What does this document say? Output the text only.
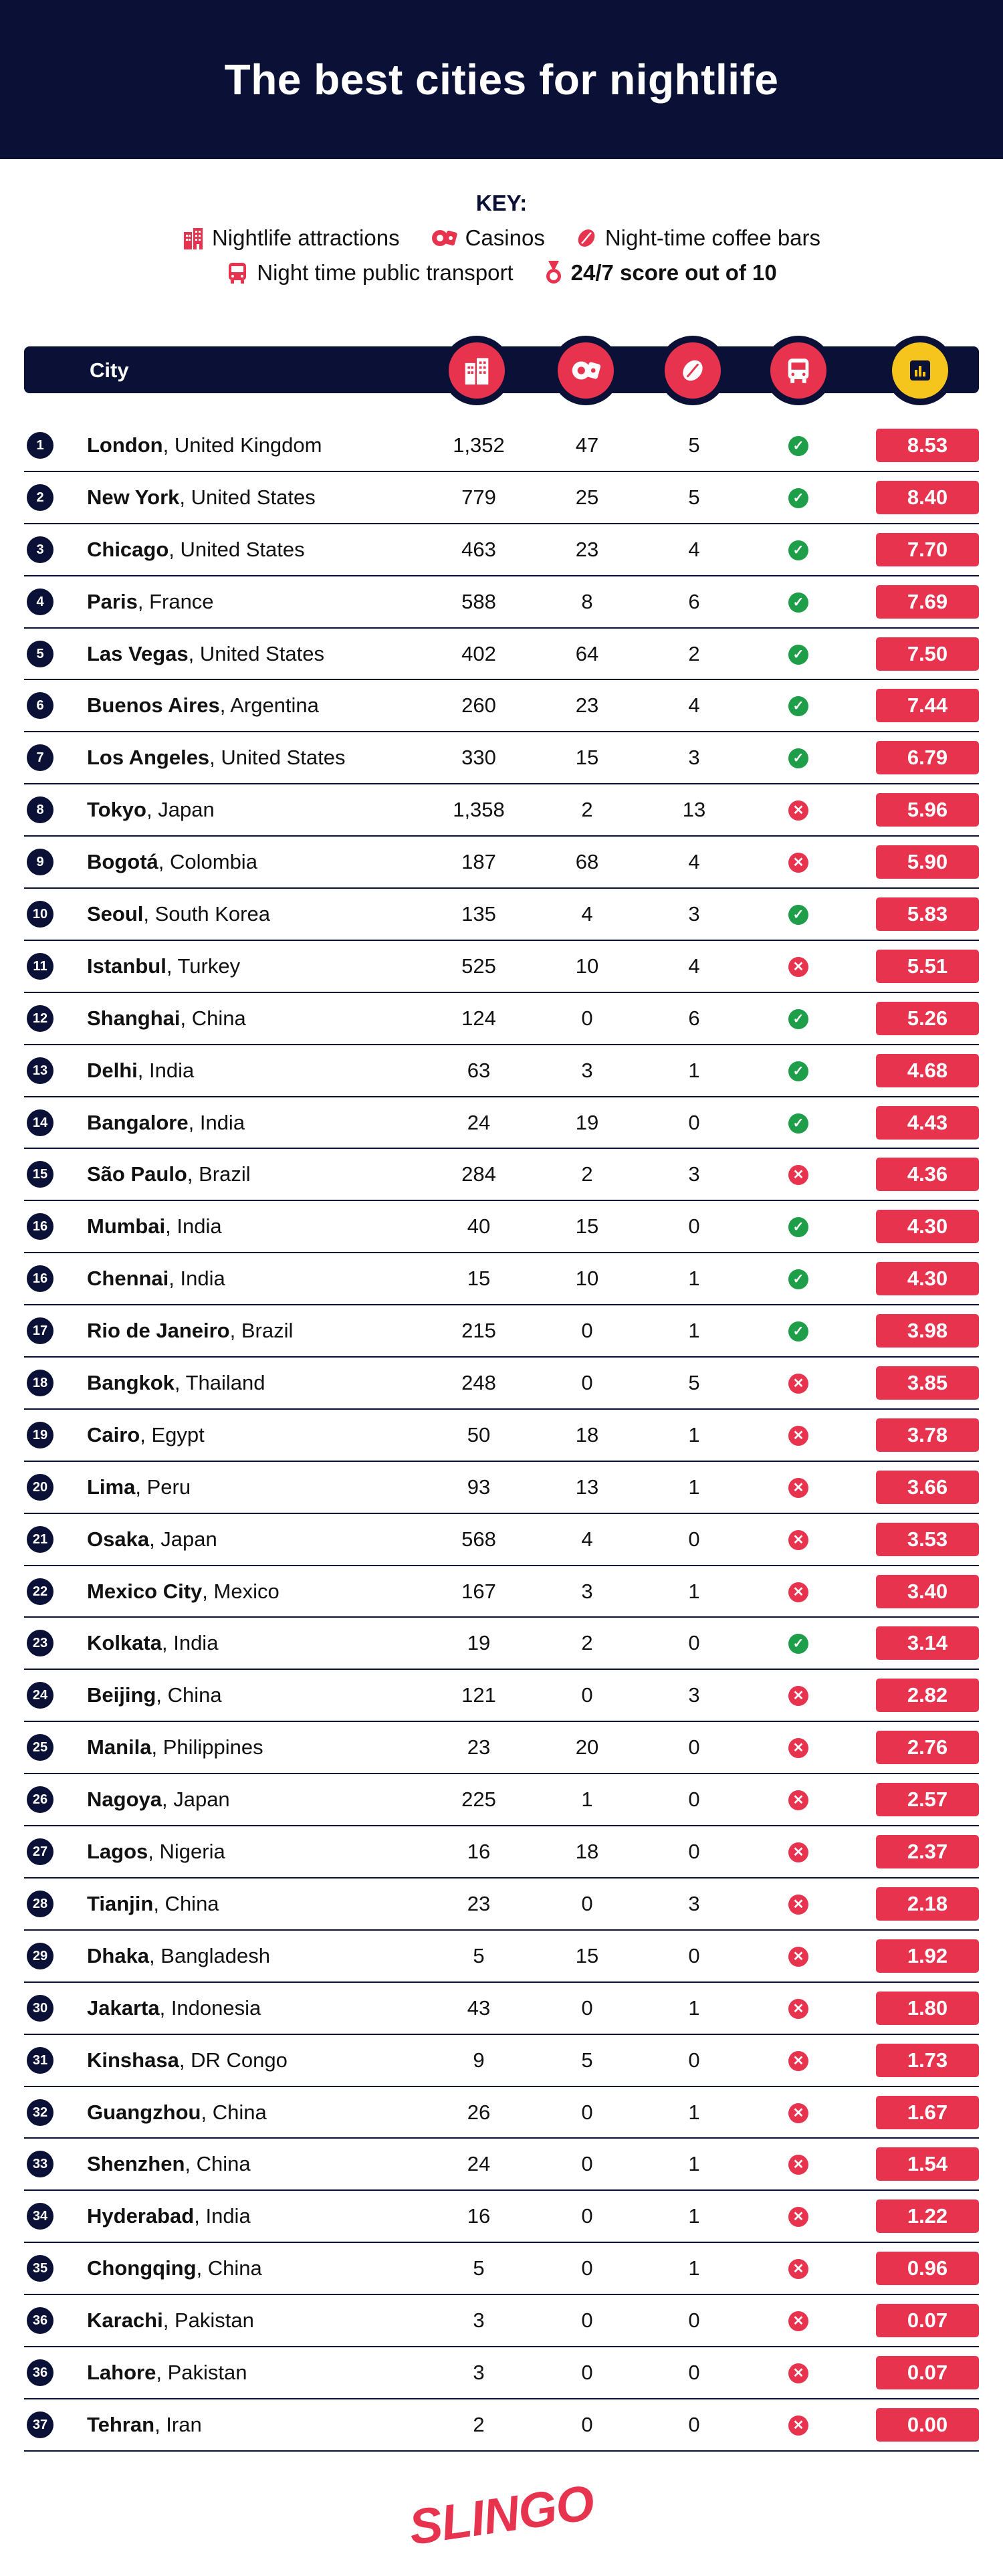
The best cities for nightlife
KEY:
Nightlife attractions	Casinos	Night-time coffee bars
Night time public transport	24/7 score out of 10
City
1	London, United Kingdom	1,352	47	5	✓	8.53
2	New York, United States	779	25	5	✓	8.40
3	Chicago, United States	463	23	4	✓	7.70
4	Paris, France	588	8	6	✓	7.69
5	Las Vegas, United States	402	64	2	✓	7.50
6	Buenos Aires, Argentina	260	23	4	✓	7.44
7	Los Angeles, United States	330	15	3	✓	6.79
8	Tokyo, Japan	1,358	2	13	✕	5.96
9	Bogotá, Colombia	187	68	4	✕	5.90
10 Seoul, South Korea	135	4	3	✓	5.83
11	Istanbul, Turkey	525	10	4	✕	5.51
12 Shanghai, China	124	0	6	✓	5.26
13 Delhi, India	63	3	1	✓	4.68
14 Bangalore, India	24	19	0	✓	4.43
15 São Paulo, Brazil	284	2	3	✕	4.36
16 Mumbai, India	40	15	0	✓	4.30
16 Chennai, India	15	10	1	✓	4.30
17 Rio de Janeiro, Brazil	215	0	1	✓	3.98
18 Bangkok, Thailand	248	0	5	✕	3.85
19 Cairo, Egypt	50	18	1	✕	3.78
20 Lima, Peru	93	13	1	✕	3.66
21 Osaka, Japan	568	4	0	✕	3.53
22 Mexico City, Mexico	167	3	1	✕	3.40
23 Kolkata, India	19	2	0	✓	3.14
24 Beijing, China	121	0	3	✕	2.82
25 Manila, Philippines	23	20	0	✕	2.76
26 Nagoya, Japan	225	1	0	✕	2.57
27 Lagos, Nigeria	16	18	0	✕	2.37
28 Tianjin, China	23	0	3	✕	2.18
29 Dhaka, Bangladesh	5	15	0	✕	1.92
30 Jakarta, Indonesia	43	0	1	✕	1.80
31 Kinshasa, DR Congo	9	5	0	✕	1.73
32 Guangzhou, China	26	0	1	✕	1.67
33 Shenzhen, China	24	0	1	✕	1.54
34 Hyderabad, India	16	0	1	✕	1.22
35 Chongqing, China	5	0	1	✕	0.96
36 Karachi, Pakistan	3	0	0	✕	0.07
36 Lahore, Pakistan	3	0	0	✕	0.07
37 Tehran, Iran	2	0	0	✕	0.00
SLINGO
